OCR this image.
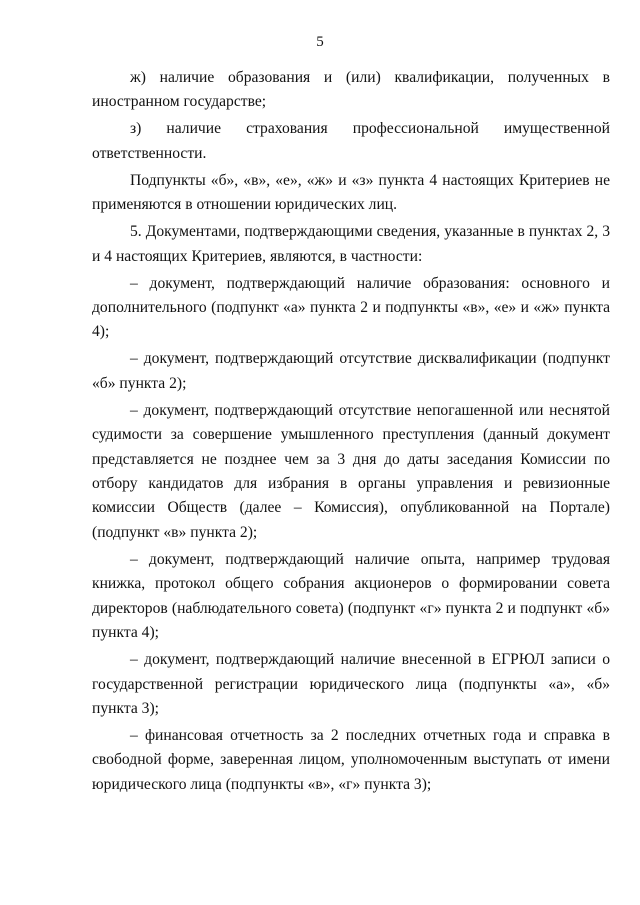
5

ж) наличие образования и (или) квалификации, полученных в иностранном государстве;

з) наличие страхования профессиональной имущественной ответственности.

Подпункты «б», «в», «е», «ж» и «з» пункта 4 настоящих Критериев не применяются в отношении юридических лиц.

5. Документами, подтверждающими сведения, указанные в пунктах 2, 3 и 4 настоящих Критериев, являются, в частности:

– документ, подтверждающий наличие образования: основного и дополнительного (подпункт «а» пункта 2 и подпункты «в», «е» и «ж» пункта 4);

– документ, подтверждающий отсутствие дисквалификации (подпункт «б» пункта 2);

– документ, подтверждающий отсутствие непогашенной или неснятой судимости за совершение умышленного преступления (данный документ представляется не позднее чем за 3 дня до даты заседания Комиссии по отбору кандидатов для избрания в органы управления и ревизионные комиссии Обществ (далее – Комиссия), опубликованной на Портале) (подпункт «в» пункта 2);

– документ, подтверждающий наличие опыта, например трудовая книжка, протокол общего собрания акционеров о формировании совета директоров (наблюдательного совета) (подпункт «г» пункта 2 и подпункт «б» пункта 4);

– документ, подтверждающий наличие внесенной в ЕГРЮЛ записи о государственной регистрации юридического лица (подпункты «а», «б» пункта 3);

– финансовая отчетность за 2 последних отчетных года и справка в свободной форме, заверенная лицом, уполномоченным выступать от имени юридического лица (подпункты «в», «г» пункта 3);
